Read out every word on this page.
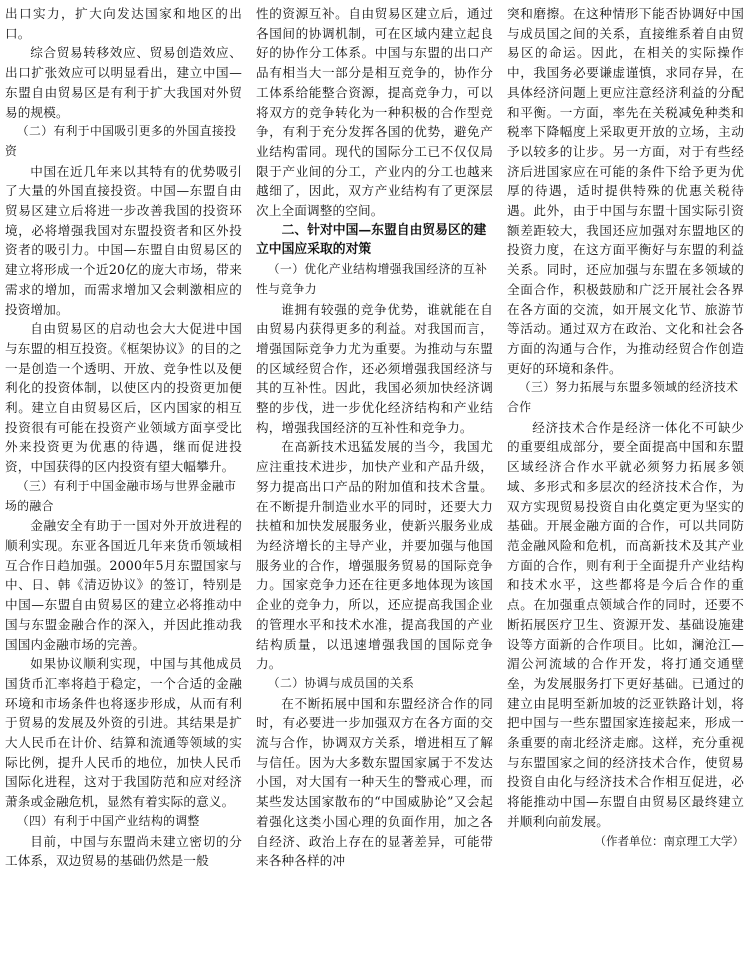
出口实力，扩大向发达国家和地区的出口。

综合贸易转移效应、贸易创造效应、出口扩张效应可以明显看出，建立中国—东盟自由贸易区是有利于扩大我国对外贸易的规模。

（二）有利于中国吸引更多的外国直接投资

中国在近几年来以其特有的优势吸引了大量的外国直接投资。中国—东盟自由贸易区建立后将进一步改善我国的投资环境，必将增强我国对东盟投资者和区外投资者的吸引力。中国—东盟自由贸易区的建立将形成一个近20亿的庞大市场，带来需求的增加，而需求增加又会刺激相应的投资增加。

自由贸易区的启动也会大大促进中国与东盟的相互投资。《框架协议》的目的之一是创造一个透明、开放、竞争性以及便利化的投资体制，以使区内的投资更加便利。建立自由贸易区后，区内国家的相互投资很有可能在投资产业领域方面享受比外来投资更为优惠的待遇，继而促进投资，中国获得的区内投资有望大幅攀升。

（三）有利于中国金融市场与世界金融市场的融合

金融安全有助于一国对外开放进程的顺利实现。东亚各国近几年来货币领域相互合作日趋加强。2000年5月东盟国家与中、日、韩《清迈协议》的签订，特别是中国—东盟自由贸易区的建立必将推动中国与东盟金融合作的深入，并因此推动我国国内金融市场的完善。

如果协议顺利实现，中国与其他成员国货币汇率将趋于稳定，一个合适的金融环境和市场条件也将逐步形成，从而有利于贸易的发展及外资的引进。其结果是扩大人民币在计价、结算和流通等领域的实际比例，提升人民币的地位，加快人民币国际化进程，这对于我国防范和应对经济萧条或金融危机，显然有着实际的意义。

（四）有利于中国产业结构的调整

目前，中国与东盟尚未建立密切的分工体系，双边贸易的基础仍然是一般

性的资源互补。自由贸易区建立后，通过各国间的协调机制，可在区域内建立起良好的协作分工体系。中国与东盟的出口产品有相当大一部分是相互竞争的，协作分工体系给能整合资源，提高竞争力，可以将双方的竞争转化为一种积极的合作型竞争，有利于充分发挥各国的优势，避免产业结构雷同。现代的国际分工已不仅仅局限于产业间的分工，产业内的分工也越来越细了，因此，双方产业结构有了更深层次上全面调整的空间。

二、针对中国—东盟自由贸易区的建立中国应采取的对策

（一）优化产业结构增强我国经济的互补性与竞争力

谁拥有较强的竞争优势，谁就能在自由贸易内获得更多的利益。对我国而言，增强国际竞争力尤为重要。为推动与东盟的区域经贸合作，还必须增强我国经济与其的互补性。因此，我国必须加快经济调整的步伐，进一步优化经济结构和产业结构，增强我国经济的互补性和竞争力。

在高新技术迅猛发展的当今，我国尤应注重技术进步，加快产业和产品升级，努力提高出口产品的附加值和技术含量。在不断提升制造业水平的同时，还要大力扶植和加快发展服务业，使新兴服务业成为经济增长的主导产业，并要加强与他国服务业的合作，增强服务贸易的国际竞争力。国家竞争力还在往更多地体现为该国企业的竞争力，所以，还应提高我国企业的管理水平和技术水准，提高我国的产业结构质量，以迅速增强我国的国际竞争力。

（二）协调与成员国的关系

在不断拓展中国和东盟经济合作的同时，有必要进一步加强双方在各方面的交流与合作，协调双方关系，增进相互了解与信任。因为大多数东盟国家属于不发达小国，对大国有一种天生的警戒心理，而某些发达国家散布的“中国威胁论”又会起着强化这类小国心理的负面作用，加之各自经济、政治上存在的显著差异，可能带来各种各样的冲

突和磨擦。在这种情形下能否协调好中国与成员国之间的关系，直接维系着自由贸易区的命运。因此，在相关的实际操作中，我国务必要谦虚谨慎，求同存异，在具体经济问题上更应注意经济利益的分配和平衡。一方面，率先在关税减免种类和税率下降幅度上采取更开放的立场，主动予以较多的让步。另一方面，对于有些经济后进国家应在可能的条件下给予更为优厚的待遇，适时提供特殊的优惠关税待遇。此外，由于中国与东盟十国实际引资额差距较大，我国还应加强对东盟地区的投资力度，在这方面平衡好与东盟的利益关系。同时，还应加强与东盟在多领域的全面合作，积极鼓励和广泛开展社会各界在各方面的交流，如开展文化节、旅游节等活动。通过双方在政治、文化和社会各方面的沟通与合作，为推动经贸合作创造更好的环境和条件。

（三）努力拓展与东盟多领域的经济技术合作

经济技术合作是经济一体化不可缺少的重要组成部分，要全面提高中国和东盟区域经济合作水平就必须努力拓展多领域、多形式和多层次的经济技术合作，为双方实现贸易投资自由化奠定更为坚实的基础。开展金融方面的合作，可以共同防范金融风险和危机，而高新技术及其产业方面的合作，则有利于全面提升产业结构和技术水平，这些都将是今后合作的重点。在加强重点领域合作的同时，还要不断拓展医疗卫生、资源开发、基础设施建设等方面新的合作项目。比如，澜沧江—湄公河流域的合作开发，将打通交通壁垒，为发展服务打下更好基础。已通过的建立由昆明至新加坡的泛亚铁路计划，将把中国与一些东盟国家连接起来，形成一条重要的南北经济走廊。这样，充分重视与东盟国家之间的经济技术合作，使贸易投资自由化与经济技术合作相互促进，必将能推动中国—东盟自由贸易区最终建立并顺利向前发展。

（作者单位：南京理工大学）
